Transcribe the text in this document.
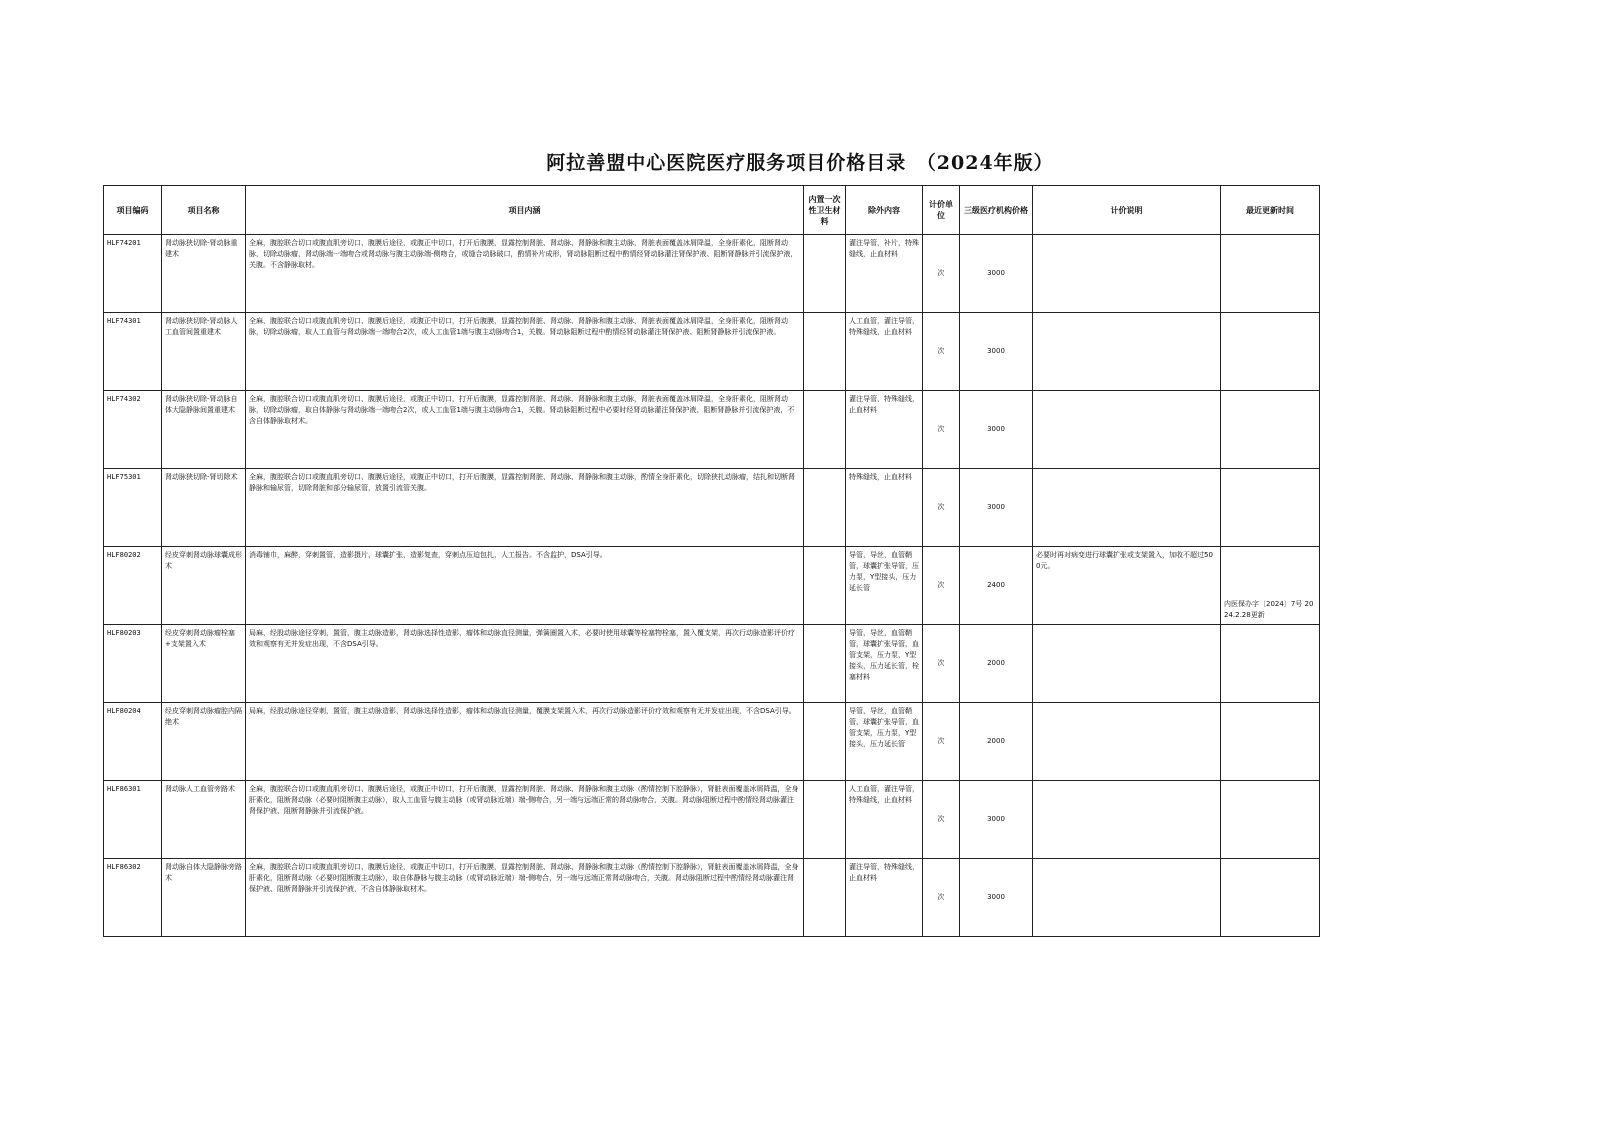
阿拉善盟中心医院医疗服务项目价格目录　（2024年版）
项目编码	项目名称	项目内涵	内置一次性卫生材料	除外内容	计价单位	三级医疗机构价格	计价说明	最近更新时间
HLF74201	肾动脉狭切除-肾动脉重建术	全麻，腹腔联合切口或腹直肌旁切口、腹膜后途径，或腹正中切口，打开后腹膜，显露控制肾脏、肾动脉、肾静脉和腹主动脉，肾脏表面覆盖冰屑降温，全身肝素化，阻断肾动脉，切除动脉瘤，肾动脉端一端吻合或肾动脉与腹主动脉端-侧吻合，或缝合动脉破口，酌情补片成形，肾动脉阻断过程中酌情经肾动脉灌注肾保护液、阻断肾静脉并引流保护液，关腹。不含静脉取材。		灌注导管，补片，特殊缝线，止血材料	次	3000		
HLF74301	肾动脉狭切除-肾动脉人工血管间置重建术	全麻，腹腔联合切口或腹直肌旁切口、腹膜后途径，或腹正中切口，打开后腹膜，显露控制肾脏、肾动脉、肾静脉和腹主动脉，肾脏表面覆盖冰屑降温，全身肝素化，阻断肾动脉，切除动脉瘤，取人工血管与肾动脉端一端吻合2次，或人工血管1端与腹主动脉吻合1，关腹。肾动脉阻断过程中酌情经肾动脉灌注肾保护液、阻断肾静脉并引流保护液。		人工血管，灌注导管，特殊缝线，止血材料	次	3000		
HLF74302	肾动脉狭切除-肾动脉自体大隐静脉间置重建术	全麻，腹腔联合切口或腹直肌旁切口、腹膜后途径，或腹正中切口，打开后腹膜，显露控制肾脏、肾动脉、肾静脉和腹主动脉，肾脏表面覆盖冰屑降温，全身肝素化，阻断肾动脉，切除动脉瘤，取自体静脉与肾动脉端一端吻合2次，或人工血管1端与腹主动脉吻合1，关腹。肾动脉阻断过程中必要时经肾动脉灌注肾保护液、阻断肾静脉并引流保护液，不含自体静脉取材术。		灌注导管，特殊缝线，止血材料	次	3000		
HLF75301	肾动脉狭切除-肾切除术	全麻，腹腔联合切口或腹直肌旁切口、腹膜后途径，或腹正中切口，打开后腹膜，显露控制肾脏、肾动脉、肾静脉和腹主动脉，酌情全身肝素化，切除狭扎动脉瘤，结扎和切断肾静脉和输尿管，切除肾脏和部分输尿管，放置引流管关腹。		特殊缝线，止血材料	次	3000		
HLF80202	经皮穿刺肾动脉球囊成形术	消毒铺巾，麻醉，穿刺置管，造影摄片，球囊扩张，造影复查，穿刺点压迫包扎，人工报告。不含监护，DSA引导。		导管，导丝，血管鞘管，球囊扩张导管，压力泵，Y型接头，压力延长管	次	2400	必要时再对病变进行球囊扩张或支架置入，加收不超过500元。	内医保办字〔2024〕7号 2024.2.28更新
HLF80203	经皮穿刺肾动脉瘤栓塞+支架置入术	局麻，经股动脉途径穿刺，置管，腹主动脉造影，肾动脉选择性造影，瘤体和动脉直径测量，弹簧圈置入术，必要时使用球囊等栓塞物栓塞，置入覆支架，再次行动脉造影评价疗效和观察有无并发症出现，不含DSA引导。		导管，导丝，血管鞘管，球囊扩张导管，血管支架，压力泵，Y型接头，压力延长管，栓塞材料	次	2000		
HLF80204	经皮穿刺肾动脉瘤腔内隔绝术	局麻，经股动脉途径穿刺，置管，腹主动脉造影，肾动脉选择性造影，瘤体和动脉直径测量，覆膜支架置入术，再次行动脉造影评价疗效和观察有无并发症出现，不含DSA引导。		导管，导丝，血管鞘管，球囊扩张导管，血管支架，压力泵，Y型接头，压力延长管	次	2000		
HLF86301	肾动脉人工血管旁路术	全麻，腹腔联合切口或腹直肌旁切口、腹膜后途径，或腹正中切口，打开后腹膜，显露控制肾脏、肾动脉、肾静脉和腹主动脉（酌情控制下腔静脉），肾脏表面覆盖冰屑降温，全身肝素化，阻断肾动脉（必要时阻断腹主动脉），取人工血管与腹主动脉（或肾动脉近端）端-侧吻合，另一端与远端正常的肾动脉吻合，关腹。肾动脉阻断过程中酌情经肾动脉灌注肾保护液、阻断肾静脉并引流保护液。		人工血管，灌注导管，特殊缝线，止血材料	次	3000		
HLF86302	肾动脉自体大隐静脉旁路术	全麻，腹腔联合切口或腹直肌旁切口、腹膜后途径，或腹正中切口，打开后腹膜，显露控制肾脏、肾动脉、肾静脉和腹主动脉（酌情控制下腔静脉），肾脏表面覆盖冰屑降温，全身肝素化，阻断肾动脉（必要时阻断腹主动脉），取自体静脉与腹主动脉（或肾动脉近端）端-侧吻合，另一端与远端正常肾动脉吻合，关腹。肾动脉阻断过程中酌情经肾动脉灌注肾保护液、阻断肾静脉并引流保护液，不含自体静脉取材术。		灌注导管，特殊缝线，止血材料	次	3000		
